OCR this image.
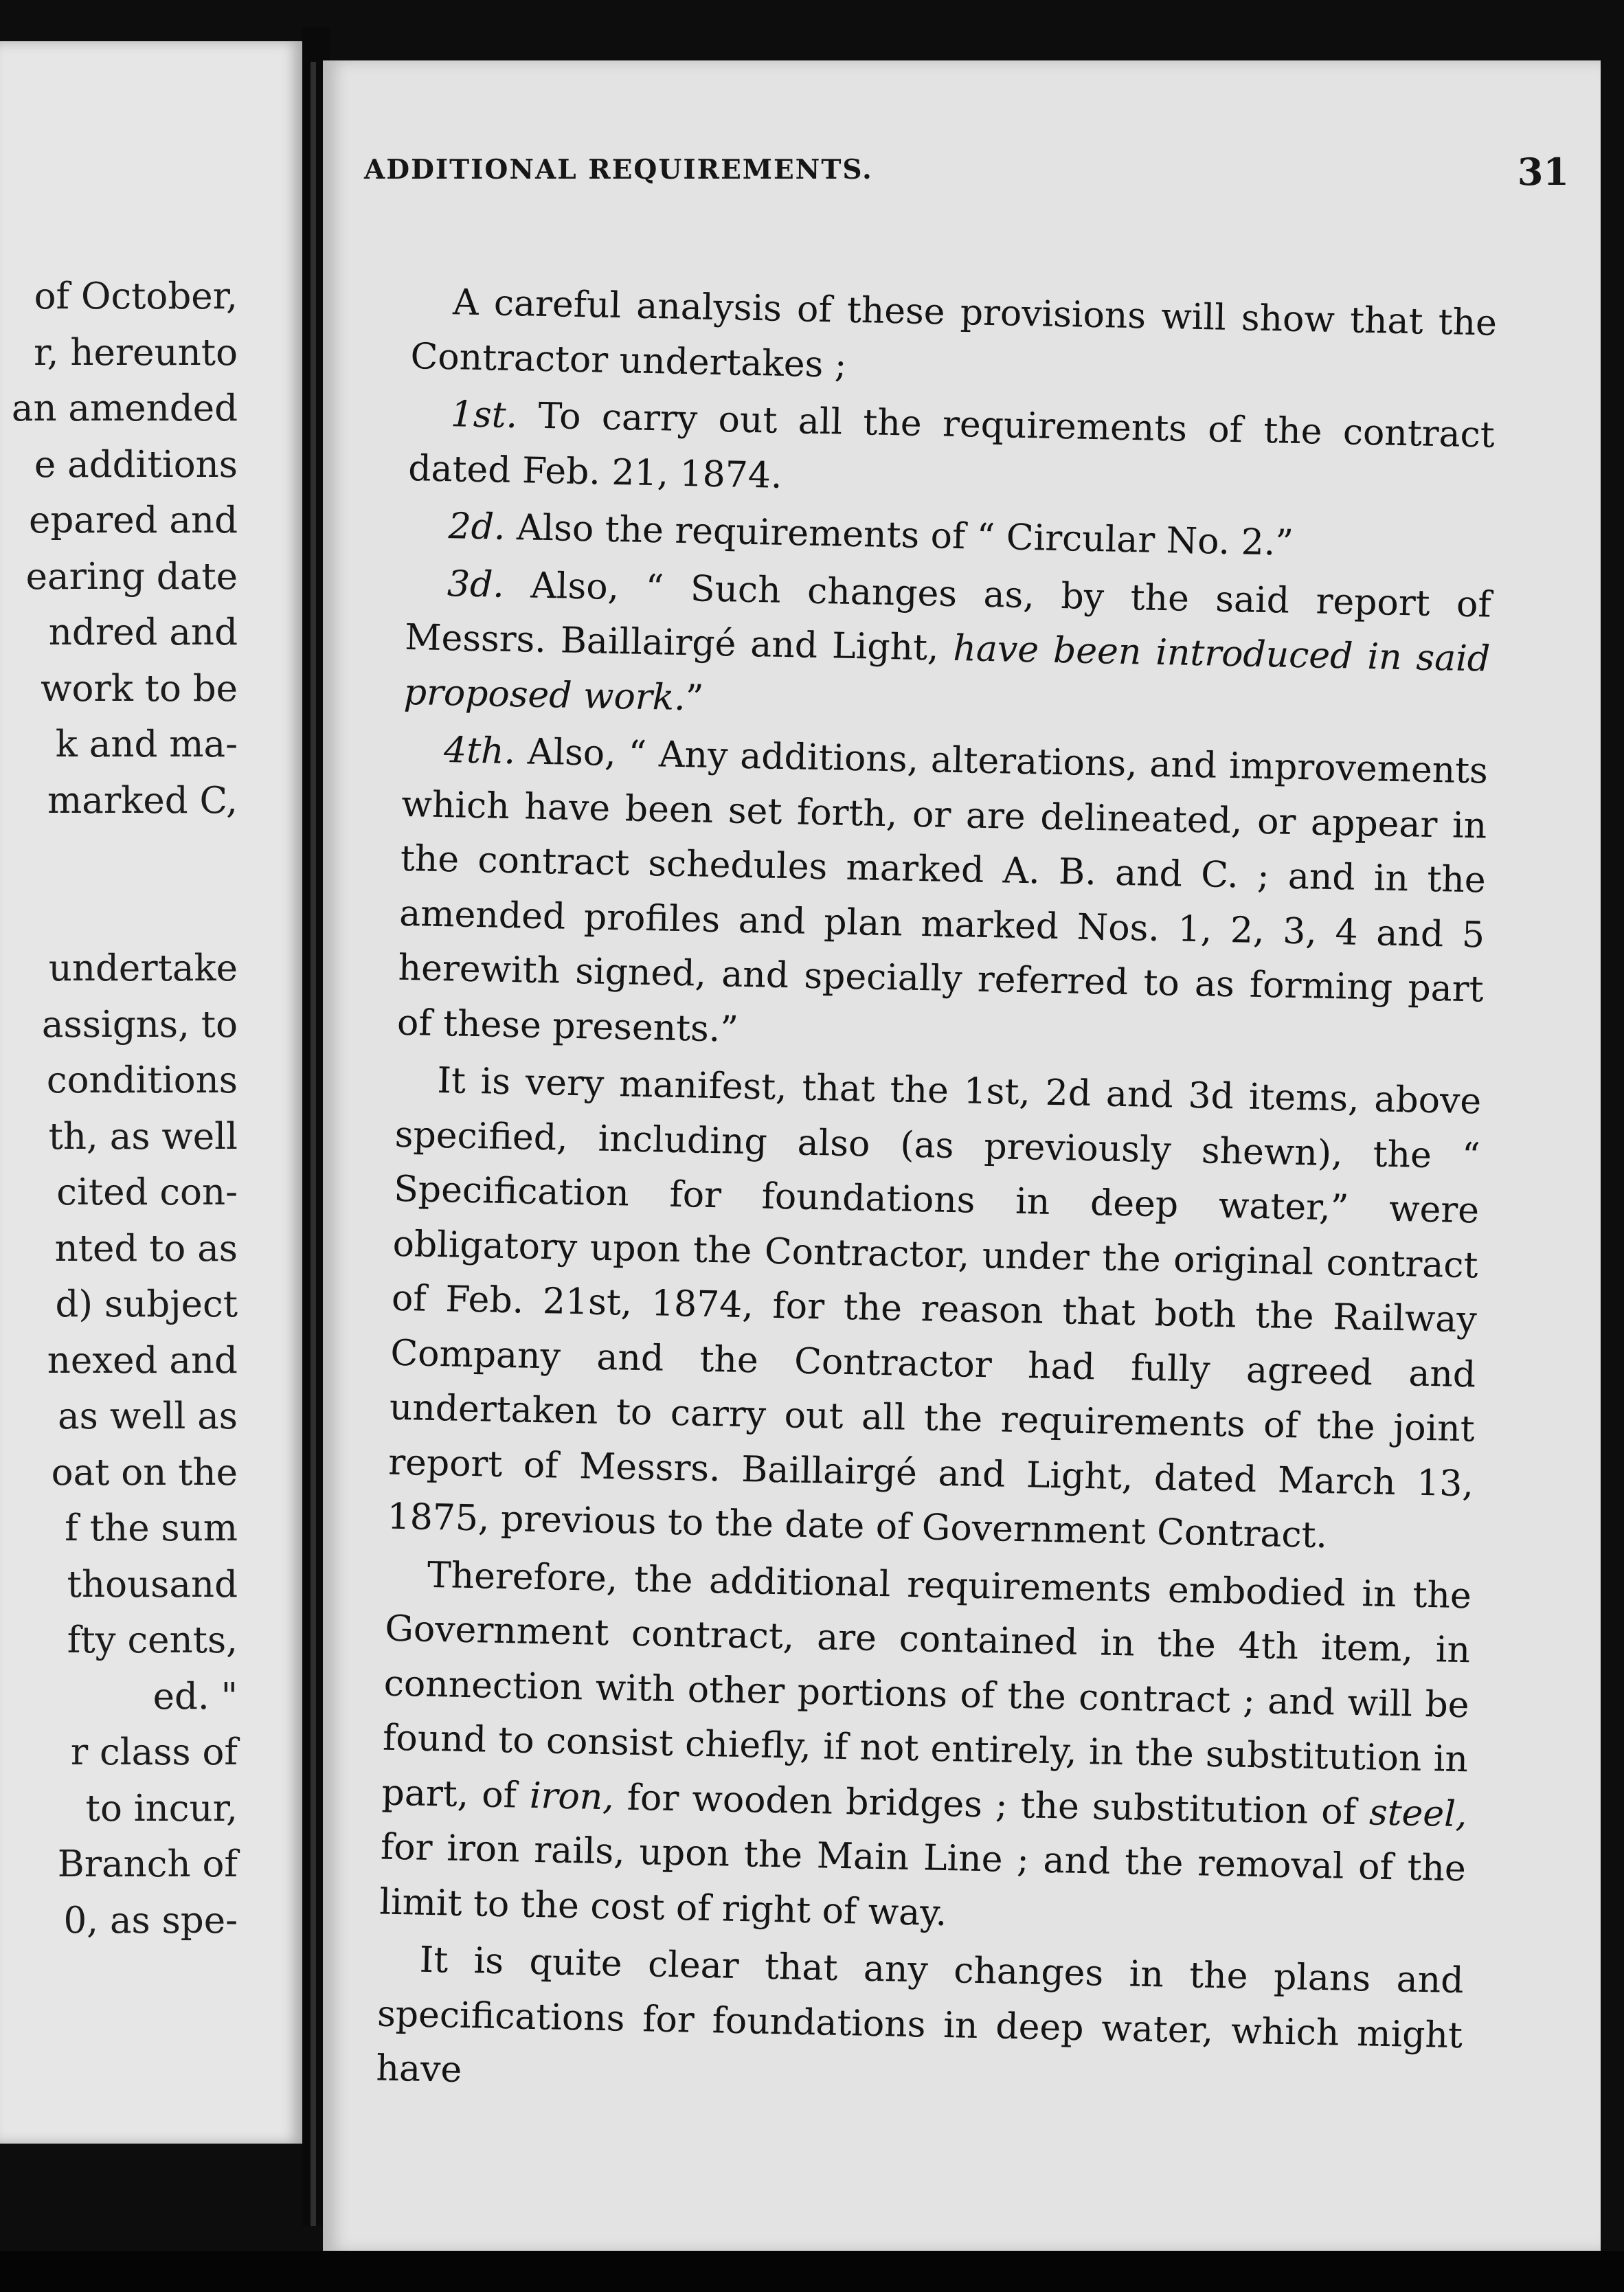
of October,

r, hereunto

an amended

e additions

epared and

earing date

ndred and

work to be

k and ma-

marked C,

undertake

assigns, to

conditions

th, as well

cited con-

nted to as

d) subject

nexed and

as well as

oat on the

f the sum

thousand

fty cents,

ed. "

r class of

to incur,

Branch of

0, as spe-

ADDITIONAL REQUIREMENTS.	31

A careful analysis of these provisions will show that the Contractor undertakes ;

1st. To carry out all the requirements of the contract dated Feb. 21, 1874.

2d. Also the requirements of “ Circular No. 2.”

3d. Also, “ Such changes as, by the said report of Messrs. Baillairgé and Light, have been introduced in said proposed work.”

4th. Also, “ Any additions, alterations, and improvements which have been set forth, or are delineated, or appear in the contract schedules marked A. B. and C. ; and in the amended profiles and plan marked Nos. 1, 2, 3, 4 and 5 herewith signed, and specially referred to as forming part of these presents.”

It is very manifest, that the 1st, 2d and 3d items, above specified, including also (as previously shewn), the “ Specification for foundations in deep water,” were obligatory upon the Contractor, under the original contract of Feb. 21st, 1874, for the reason that both the Railway Company and the Contractor had fully agreed and undertaken to carry out all the requirements of the joint report of Messrs. Baillairgé and Light, dated March 13, 1875, previous to the date of Government Contract.

Therefore, the additional requirements embodied in the Government contract, are contained in the 4th item, in connection with other portions of the contract ; and will be found to consist chiefly, if not entirely, in the substitution in part, of iron, for wooden bridges ; the substitution of steel, for iron rails, upon the Main Line ; and the removal of the limit to the cost of right of way.

It is quite clear that any changes in the plans and specifications for foundations in deep water, which might have
